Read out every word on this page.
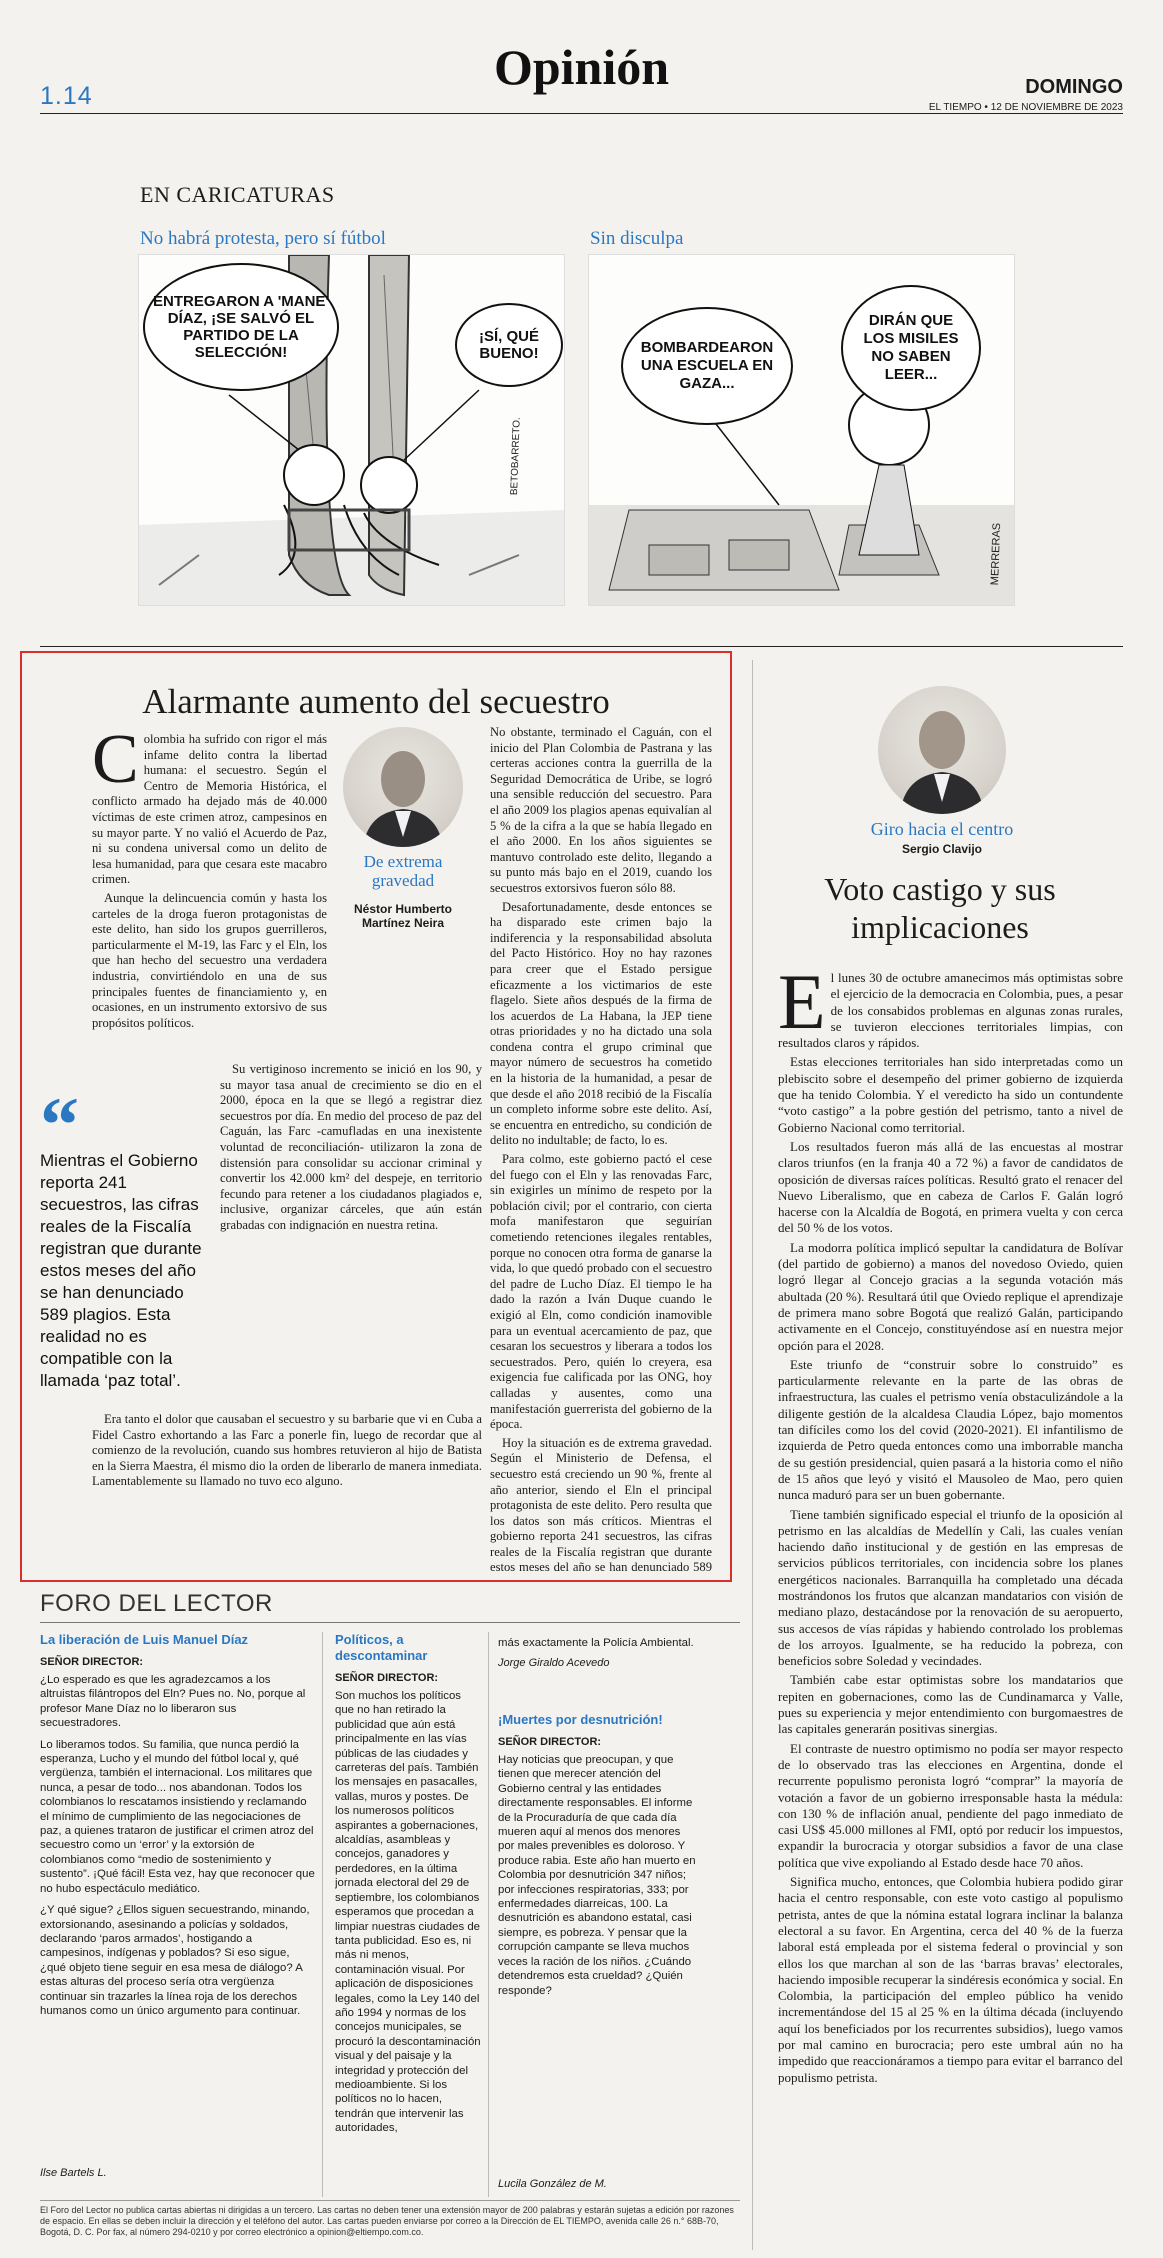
1.14
Opinión	DOMINGO
EL TIEMPO • 12 DE NOVIEMBRE DE 2023
EN CARICATURAS
No habrá protesta, pero sí fútbol
ENTREGARON A 'MANE' DÍAZ, ¡SE SALVÓ EL PARTIDO DE LA SELECCIÓN!
¡SÍ, QUÉ BUENO!
BETOBARRETO.
Sin disculpa
BOMBARDEARON UNA ESCUELA EN GAZA...
DIRÁN QUE LOS MISILES NO SABEN LEER...
MERRERAS
Alarmante aumento del secuestro
C olombia ha sufrido con rigor el más infame delito contra la libertad humana: el secuestro. Según el Centro de Memoria Histórica, el conflicto armado ha dejado más de 40.000 víctimas de este crimen atroz, campesinos en su mayor parte. Y no valió el Acuerdo de Paz, ni su condena universal como un delito de lesa humanidad, para que cesara este macabro crimen.

Aunque la delincuencia común y hasta los carteles de la droga fueron protagonistas de este delito, han sido los grupos guerrilleros, particularmente el M-19, las Farc y el Eln, los que han hecho del secuestro una verdadera industria, convirtiéndolo en una de sus principales fuentes de financiamiento y, en ocasiones, en un instrumento extorsivo de sus propósitos políticos.

De extrema gravedad
Néstor Humberto Martínez Neira
“
Mientras el Gobierno reporta 241 secuestros, las cifras reales de la Fiscalía registran que durante estos meses del año se han denunciado 589 plagios. Esta realidad no es compatible con la llamada ‘paz total’.

Su vertiginoso incremento se inició en los 90, y su mayor tasa anual de crecimiento se dio en el 2000, época en la que se llegó a registrar diez secuestros por día. En medio del proceso de paz del Caguán, las Farc -camufladas en una inexistente voluntad de reconciliación- utilizaron la zona de distensión para consolidar su accionar criminal y convertir los 42.000 km² del despeje, en territorio fecundo para retener a los ciudadanos plagiados e, inclusive, organizar cárceles, que aún están grabadas con indignación en nuestra retina.

Era tanto el dolor que causaban el secuestro y su barbarie que vi en Cuba a Fidel Castro exhortando a las Farc a ponerle fin, luego de recordar que al comienzo de la revolución, cuando sus hombres retuvieron al hijo de Batista en la Sierra Maestra, él mismo dio la orden de liberarlo de manera inmediata. Lamentablemente su llamado no tuvo eco alguno.

No obstante, terminado el Caguán, con el inicio del Plan Colombia de Pastrana y las certeras acciones contra la guerrilla de la Seguridad Democrática de Uribe, se logró una sensible reducción del secuestro. Para el año 2009 los plagios apenas equivalían al 5 % de la cifra a la que se había llegado en el año 2000. En los años siguientes se mantuvo controlado este delito, llegando a su punto más bajo en el 2019, cuando los secuestros extorsivos fueron sólo 88.

Desafortunadamente, desde entonces se ha disparado este crimen bajo la indiferencia y la responsabilidad absoluta del Pacto Histórico. Hoy no hay razones para creer que el Estado persigue eficazmente a los victimarios de este flagelo. Siete años después de la firma de los acuerdos de La Habana, la JEP tiene otras prioridades y no ha dictado una sola condena contra el grupo criminal que mayor número de secuestros ha cometido en la historia de la humanidad, a pesar de que desde el año 2018 recibió de la Fiscalía un completo informe sobre este delito. Así, se encuentra en entredicho, su condición de delito no indultable; de facto, lo es.

Para colmo, este gobierno pactó el cese del fuego con el Eln y las renovadas Farc, sin exigirles un mínimo de respeto por la población civil; por el contrario, con cierta mofa manifestaron que seguirían cometiendo retenciones ilegales rentables, porque no conocen otra forma de ganarse la vida, lo que quedó probado con el secuestro del padre de Lucho Díaz. El tiempo le ha dado la razón a Iván Duque cuando le exigió al Eln, como condición inamovible para un eventual acercamiento de paz, que cesaran los secuestros y liberara a todos los secuestrados. Pero, quién lo creyera, esa exigencia fue calificada por las ONG, hoy calladas y ausentes, como una manifestación guerrerista del gobierno de la época.

Hoy la situación es de extrema gravedad. Según el Ministerio de Defensa, el secuestro está creciendo un 90 %, frente al año anterior, siendo el Eln el principal protagonista de este delito. Pero resulta que los datos son más críticos. Mientras el gobierno reporta 241 secuestros, las cifras reales de la Fiscalía registran que durante estos meses del año se han denunciado 589

Giro hacia el centro
Sergio Clavijo
Voto castigo y sus implicaciones
E l lunes 30 de octubre amanecimos más optimistas sobre el ejercicio de la democracia en Colombia, pues, a pesar de los consabidos problemas en algunas zonas rurales, se tuvieron elecciones territoriales limpias, con resultados claros y rápidos.

Estas elecciones territoriales han sido interpretadas como un plebiscito sobre el desempeño del primer gobierno de izquierda que ha tenido Colombia. Y el veredicto ha sido un contundente “voto castigo” a la pobre gestión del petrismo, tanto a nivel de Gobierno Nacional como territorial.

Los resultados fueron más allá de las encuestas al mostrar claros triunfos (en la franja 40 a 72 %) a favor de candidatos de oposición de diversas raíces políticas. Resultó grato el renacer del Nuevo Liberalismo, que en cabeza de Carlos F. Galán logró hacerse con la Alcaldía de Bogotá, en primera vuelta y con cerca del 50 % de los votos.

La modorra política implicó sepultar la candidatura de Bolívar (del partido de gobierno) a manos del novedoso Oviedo, quien logró llegar al Concejo gracias a la segunda votación más abultada (20 %). Resultará útil que Oviedo replique el aprendizaje de primera mano sobre Bogotá que realizó Galán, participando activamente en el Concejo, constituyéndose así en nuestra mejor opción para el 2028.

Este triunfo de “construir sobre lo construido” es particularmente relevante en la parte de las obras de infraestructura, las cuales el petrismo venía obstaculizándole a la diligente gestión de la alcaldesa Claudia López, bajo momentos tan difíciles como los del covid (2020-2021). El infantilismo de izquierda de Petro queda entonces como una imborrable mancha de su gestión presidencial, quien pasará a la historia como el niño de 15 años que leyó y visitó el Mausoleo de Mao, pero quien nunca maduró para ser un buen gobernante.

Tiene también significado especial el triunfo de la oposición al petrismo en las alcaldías de Medellín y Cali, las cuales venían haciendo daño institucional y de gestión en las empresas de servicios públicos territoriales, con incidencia sobre los planes energéticos nacionales. Barranquilla ha completado una década mostrándonos los frutos que alcanzan mandatarios con visión de mediano plazo, destacándose por la renovación de su aeropuerto, sus accesos de vías rápidas y habiendo controlado los problemas de los arroyos. Igualmente, se ha reducido la pobreza, con beneficios sobre Soledad y vecindades.

También cabe estar optimistas sobre los mandatarios que repiten en gobernaciones, como las de Cundinamarca y Valle, pues su experiencia y mejor entendimiento con burgomaestres de las capitales generarán positivas sinergias.

El contraste de nuestro optimismo no podía ser mayor respecto de lo observado tras las elecciones en Argentina, donde el recurrente populismo peronista logró “comprar” la mayoría de votación a favor de un gobierno irresponsable hasta la médula: con 130 % de inflación anual, pendiente del pago inmediato de casi US$ 45.000 millones al FMI, optó por reducir los impuestos, expandir la burocracia y otorgar subsidios a favor de una clase política que vive expoliando al Estado desde hace 70 años.

Significa mucho, entonces, que Colombia hubiera podido girar hacia el centro responsable, con este voto castigo al populismo petrista, antes de que la nómina estatal lograra inclinar la balanza electoral a su favor. En Argentina, cerca del 40 % de la fuerza laboral está empleada por el sistema federal o provincial y son ellos los que marchan al son de las ‘barras bravas’ electorales, haciendo imposible recuperar la sindéresis económica y social. En Colombia, la participación del empleo público ha venido incrementándose del 15 al 25 % en la última década (incluyendo aquí los beneficiados por los recurrentes subsidios), luego vamos por mal camino en burocracia; pero este umbral aún no ha impedido que reaccionáramos a tiempo para evitar el barranco del populismo petrista.

FORO DEL LECTOR
La liberación de Luis Manuel Díaz
SEÑOR DIRECTOR:

¿Lo esperado es que les agradezcamos a los altruistas filántropos del Eln? Pues no. No, porque al profesor Mane Díaz no lo liberaron sus secuestradores.

Lo liberamos todos. Su familia, que nunca perdió la esperanza, Lucho y el mundo del fútbol local y, qué vergüenza, también el internacional. Los militares que nunca, a pesar de todo... nos abandonan. Todos los colombianos lo rescatamos insistiendo y reclamando el mínimo de cumplimiento de las negociaciones de paz, a quienes trataron de justificar el crimen atroz del secuestro como un ‘error’ y la extorsión de colombianos como “medio de sostenimiento y sustento”. ¡Qué fácil! Esta vez, hay que reconocer que no hubo espectáculo mediático.

¿Y qué sigue? ¿Ellos siguen secuestrando, minando, extorsionando, asesinando a policías y soldados, declarando ‘paros armados’, hostigando a campesinos, indígenas y poblados? Si eso sigue, ¿qué objeto tiene seguir en esa mesa de diálogo? A estas alturas del proceso sería otra vergüenza continuar sin trazarles la línea roja de los derechos humanos como un único argumento para continuar.

Ilse Bartels L.
Políticos, a descontaminar
SEÑOR DIRECTOR:

Son muchos los políticos que no han retirado la publicidad que aún está principalmente en las vías públicas de las ciudades y carreteras del país. También los mensajes en pasacalles, vallas, muros y postes. De los numerosos políticos aspirantes a gobernaciones, alcaldías, asambleas y concejos, ganadores y perdedores, en la última jornada electoral del 29 de septiembre, los colombianos esperamos que procedan a limpiar nuestras ciudades de tanta publicidad. Eso es, ni más ni menos, contaminación visual. Por aplicación de disposiciones legales, como la Ley 140 del año 1994 y normas de los concejos municipales, se procuró la descontaminación visual y del paisaje y la integridad y protección del medioambiente. Si los políticos no lo hacen, tendrán que intervenir las autoridades,

más exactamente la Policía Ambiental.

Jorge Giraldo Acevedo
¡Muertes por desnutrición!
SEÑOR DIRECTOR:

Hay noticias que preocupan, y que tienen que merecer atención del Gobierno central y las entidades directamente responsables. El informe de la Procuraduría de que cada día mueren aquí al menos dos menores por males prevenibles es doloroso. Y produce rabia. Este año han muerto en Colombia por desnutrición 347 niños; por infecciones respiratorias, 333; por enfermedades diarreicas, 100. La desnutrición es abandono estatal, casi siempre, es pobreza. Y pensar que la corrupción campante se lleva muchos veces la ración de los niños. ¿Cuándo detendremos esta crueldad? ¿Quién responde?

Lucila González de M.
El Foro del Lector no publica cartas abiertas ni dirigidas a un tercero. Las cartas no deben tener una extensión mayor de 200 palabras y estarán sujetas a edición por razones de espacio. En ellas se deben incluir la dirección y el teléfono del autor. Las cartas pueden enviarse por correo a la Dirección de EL TIEMPO, avenida calle 26 n.° 68B-70, Bogotá, D. C. Por fax, al número 294-0210 y por correo electrónico a opinion@eltiempo.com.co.
